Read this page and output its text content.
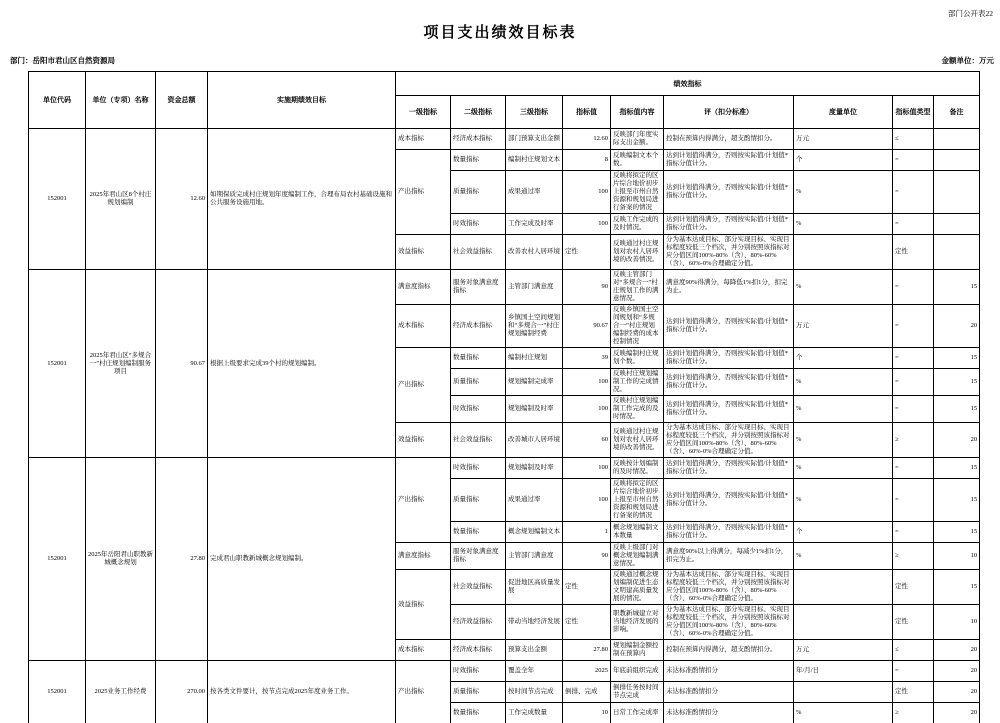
部门公开表22
项目支出绩效目标表
部门：岳阳市君山区自然资源局	金额单位：万元
单位代码	单位（专项）名称	资金总额	实施期绩效目标	绩效指标								
				一级指标	二级指标	三级指标	指标值	指标值内容	评（扣分标准）	度量单位	指标值类型	备注
152001	2025年君山区8个村庄规划编制	12.60	如期保质完成村庄规划年度编制工作，合理布局农村基础设施和公共服务设施用地。	成本指标	经济成本指标	部门预算支出金额	12.60	反映部门年度实际支出金额。	控制在预算内得满分，超支酌情扣分。	万元	≤	
				产出指标	数量指标	编制村庄规划文本	8	反映编制文本个数。	达到计划值得满分，否则按实际值/计划值*指标分值计分。	个	=	
					质量指标	成果通过率	100	反映将拟定的区片综合地价初步上报至市州自然资源和规划局进行备案的情况	达到计划值得满分，否则按实际值/计划值*指标分值计分。	%	=	
					时效指标	工作完成及时率	100	反映工作完成的及时情况。	达到计划值得满分，否则按实际值/计划值*指标分值计分。	%	=	
				效益指标	社会效益指标	改善农村人居环境	定性	反映通过村庄规划对农村人居环境的改善情况。	分为基本达成目标、部分实现目标、实现目标程度较低三个档次，并分别按照该指标对应分值区间100%-80%（含）、80%-60%（含）、60%-0%合理确定分值。		定性	
152001	2025年君山区“多规合一”村庄规划编制服务项目	90.67	根据上级要求完成39个村的规划编制。	满意度指标	服务对象满意度指标	主管部门满意度	90	反映主管部门对“多规合一”村庄规划工作的满意情况。	满意度90%得满分，每降低1%扣1分，扣完为止。	%	=	15
				成本指标	经济成本指标	乡镇国土空间规划和“多规合一”村庄规划编制经费	90.67	反映乡镇国土空间规划和“多规合一”村庄规划编制经费的成本控制情况	达到计划值得满分，否则按实际值/计划值*指标分值计分。	万元	=	20
				产出指标	数量指标	编制村庄规划	39	反映编制村庄规划个数。	达到计划值得满分，否则按实际值/计划值*指标分值计分。	个	=	15
					质量指标	规划编制完成率	100	反映村庄规划编制工作的完成情况。	达到计划值得满分，否则按实际值/计划值*指标分值计分。	%	=	15
					时效指标	规划编制及时率	100	反映村庄规划编制工作完成的及时情况。	达到计划值得满分，否则按实际值/计划值*指标分值计分。	%	=	15
				效益指标	社会效益指标	改善城市人居环境	60	反映通过村庄规划对农村人居环境的改善情况。	分为基本达成目标、部分实现目标、实现目标程度较低三个档次，并分别按照该指标对应分值区间100%-80%（含）、80%-60%（含）、60%-0%合理确定分值。	%	≥	20
152001	2025年岳阳君山职教新城概念规划	27.80	完成君山职教新城概念规划编制。	产出指标	时效指标	规划编制及时率	100	反映按计划编制的及时情况。	达到计划值得满分，否则按实际值/计划值*指标分值计分。	%	=	15
					质量指标	成果通过率	100	反映将拟定的区片综合地价初步上报至市州自然资源和规划局进行备案的情况	达到计划值得满分，否则按实际值/计划值*指标分值计分。	%	=	15
					数量指标	概念规划编制文本	1	概念规划编制文本数量	达到计划值得满分，否则按实际值/计划值*指标分值计分。	个	=	15
				满意度指标	服务对象满意度指标	主管部门满意度	90	反映上级部门对概念规划编制满意情况。	满意度90%以上得满分，每减少1%扣1分，扣完为止。	%	≥	10
				效益指标	社会效益指标	促进地区高质量发展	定性	反映通过概念规划编制促进生态文明建高质量发展的情况。	分为基本达成目标、部分实现目标、实现目标程度较低三个档次，并分别按照该指标对应分值区间100%-80%（含）、80%-60%（含）、60%-0%合理确定分值。		定性	15
					经济效益指标	带动当地经济发展	定性	职教新城建立对当地经济发展的影响。	分为基本达成目标、部分实现目标、实现目标程度较低三个档次，并分别按照该指标对应分值区间100%-80%（含）、80%-60%（含）、60%-0%合理确定分值。		定性	10
				成本指标	经济成本指标	预算支出金额	27.80	规划编制金额控制在预算内	控制在预算内得满分，超支酌情扣分。	万元	≤	20
152001	2025业务工作经费	270.00	按各类文件要计，按节点完成2025年度业务工作。	产出指标	时效指标	覆盖全年	2025	年底前组织完成	未达标准酌情扣分	年/月/日	=	20
					质量指标	按时间节点完成	倒排、完成	倒排任务按时间节点完成	未达标准酌情扣分		定性	20
					数量指标	工作完成数量	10	日常工作完成率	未达标准酌情扣分	%	≥	20
